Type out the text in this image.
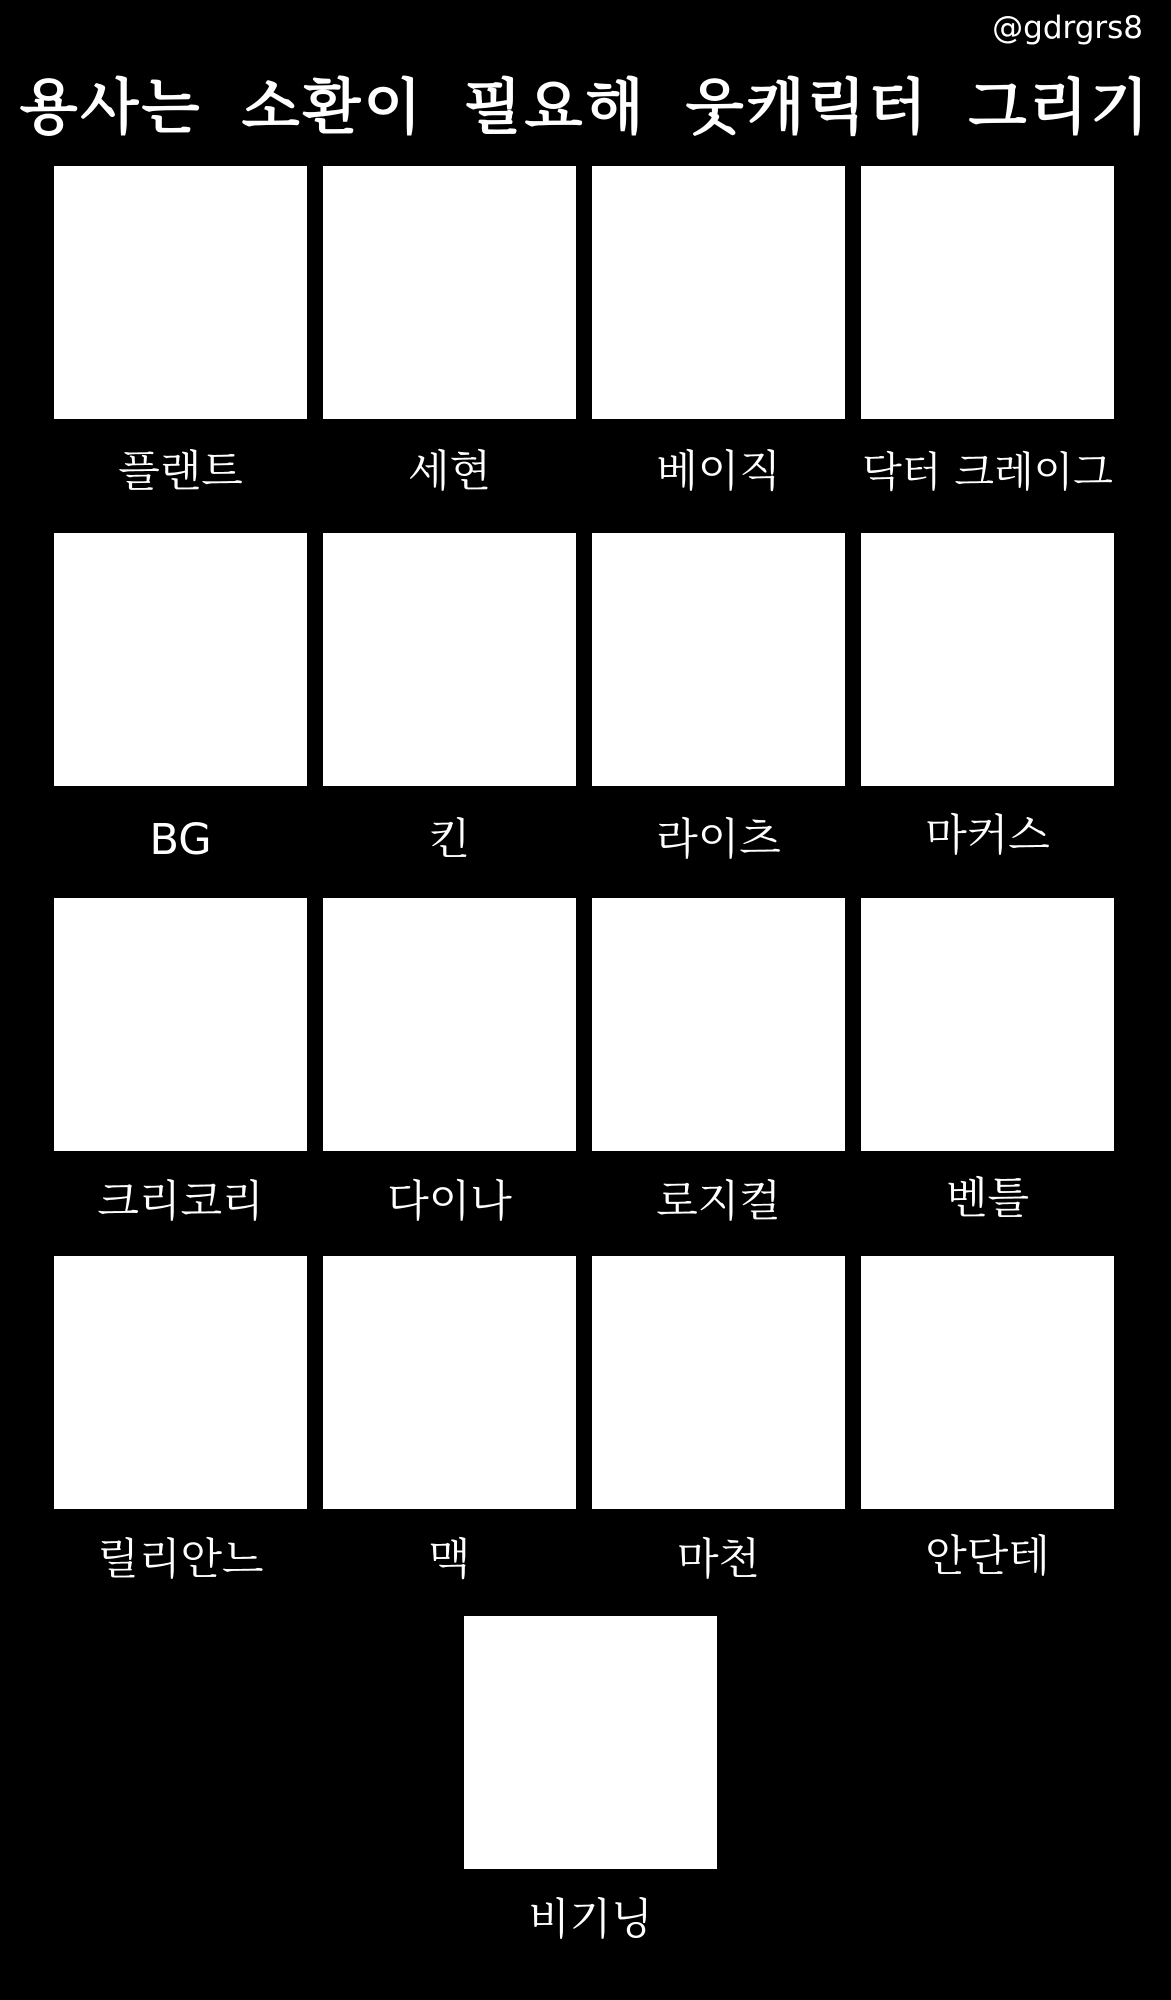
@gdrgrs8
용사는 소환이 필요해 웃캐릭터 그리기
플랜트	세현	베이직	닥터 크레이그
BG	킨	라이츠	마커스
크리코리	다이나	로지컬	벤틀
릴리안느	맥	마천	안단테
비기닝
